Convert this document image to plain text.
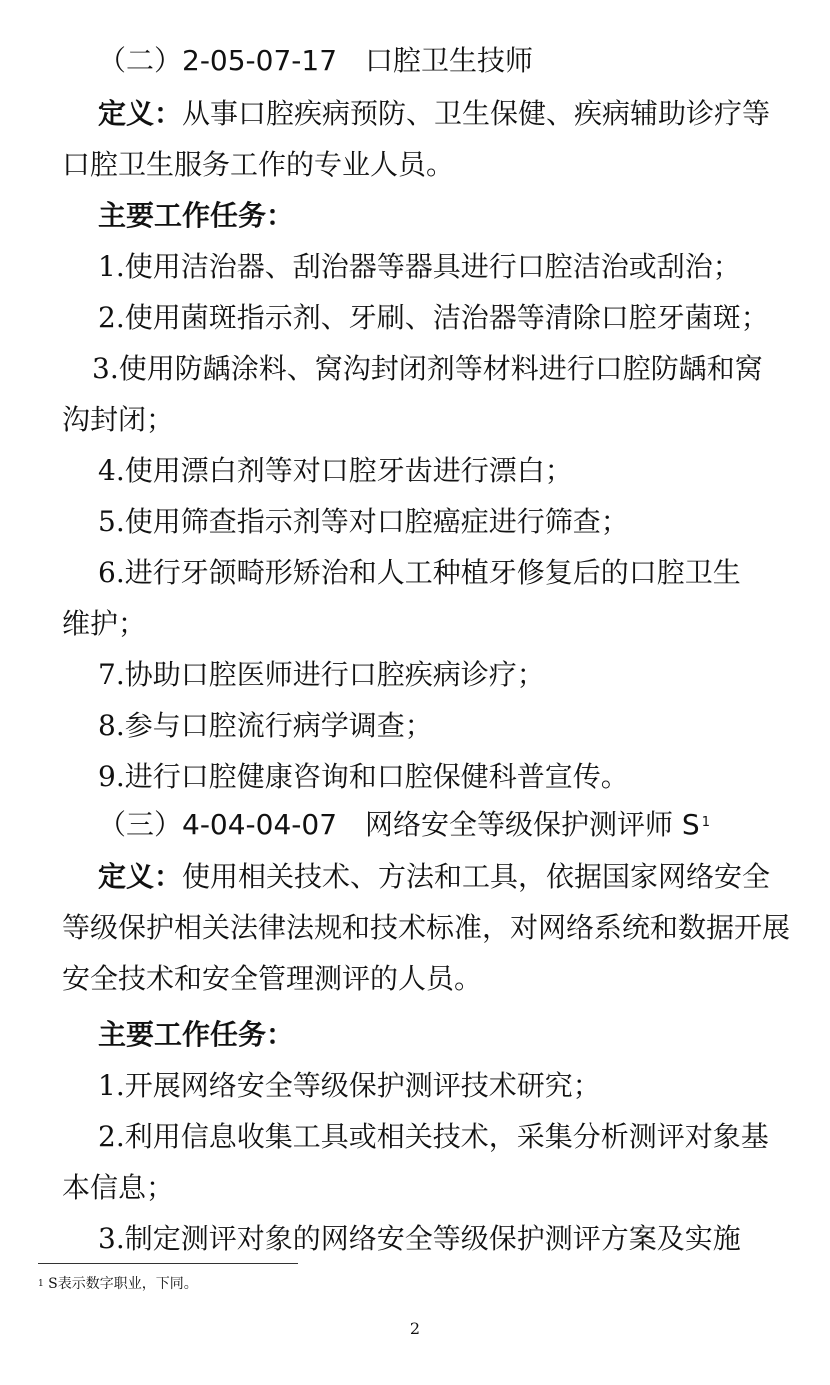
（二）2-05-07-17　口腔卫生技师
定义：从事口腔疾病预防、卫生保健、疾病辅助诊疗等
口腔卫生服务工作的专业人员。
主要工作任务：
1.使用洁治器、刮治器等器具进行口腔洁治或刮治；
2.使用菌斑指示剂、牙刷、洁治器等清除口腔牙菌斑；
3.使用防龋涂料、窝沟封闭剂等材料进行口腔防龋和窝
沟封闭；
4.使用漂白剂等对口腔牙齿进行漂白；
5.使用筛查指示剂等对口腔癌症进行筛查；
6.进行牙颌畸形矫治和人工种植牙修复后的口腔卫生
维护；
7.协助口腔医师进行口腔疾病诊疗；
8.参与口腔流行病学调查；
9.进行口腔健康咨询和口腔保健科普宣传。
（三）4-04-04-07　网络安全等级保护测评师 S $^1$
定义：使用相关技术、方法和工具，依据国家网络安全
等级保护相关法律法规和技术标准，对网络系统和数据开展
安全技术和安全管理测评的人员。
主要工作任务：
1.开展网络安全等级保护测评技术研究；
2.利用信息收集工具或相关技术，采集分析测评对象基
本信息；
3.制定测评对象的网络安全等级保护测评方案及实施
$^1$ S表示数字职业，下同。
2
